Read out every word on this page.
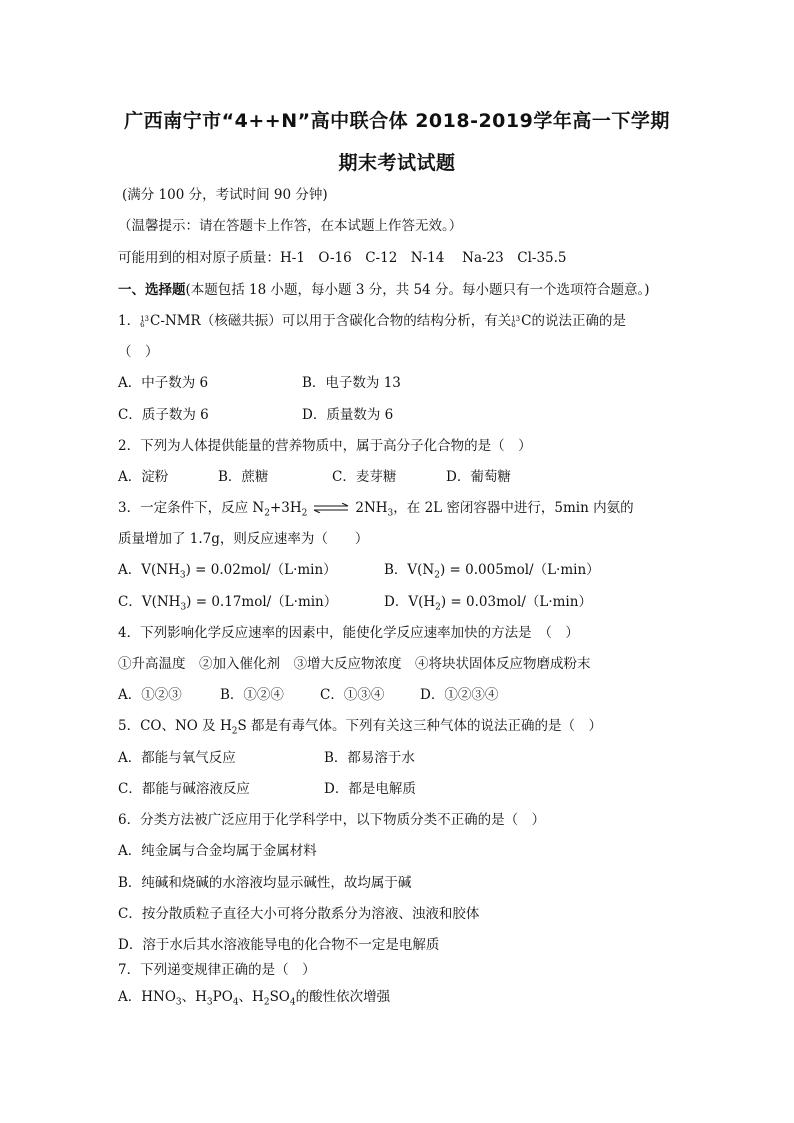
广西南宁市“4++N”高中联合体 2018-2019学年高一下学期
期末考试试题
(满分 100 分，考试时间 90 分钟)
（温馨提示：请在答题卡上作答，在本试题上作答无效。）
可能用到的相对原子质量：H-1　O-16　C-12　N-14　 Na-23　Cl-35.5
一、选择题(本题包括 18 小题，每小题 3 分，共 54 分。每小题只有一个选项符合题意。)
1． 13
6 C-NMR（核磁共振）可以用于含碳化合物的结构分析，有关 13
6 C的说法正确的是
（　）
A．中子数为 6	B．电子数为 13
C．质子数为 6	D．质量数为 6
2．下列为人体提供能量的营养物质中，属于高分子化合物的是（　）
A．淀粉	B．蔗糖	C．麦芽糖	D．葡萄糖
3．一定条件下，反应 $N_2+3H_2$ ⇌ $2NH_3$，在 2L 密闭容器中进行，5min 内氨的
质量增加了 1.7g，则反应速率为（　　）
A．$V(NH_3) = 0.02mol/(L\cdot\min)$	B．$V(N_2) = 0.005mol/(L\cdot\min)$
C．$V(NH_3) = 0.17mol/(L\cdot\min)$	D．$V(H_2) = 0.03mol/(L\cdot\min)$
4．下列影响化学反应速率的因素中，能使化学反应速率加快的方法是　（　）
①升高温度　②加入催化剂　③增大反应物浓度　④将块状固体反应物磨成粉末
A．①②③	B．①②④	C．①③④	D．①②③④
5．CO、NO 及 $H_2S$ 都是有毒气体。下列有关这三种气体的说法正确的是（　）
A．都能与氧气反应	B．都易溶于水
C．都能与碱溶液反应	D．都是电解质
6．分类方法被广泛应用于化学科学中，以下物质分类不正确的是（　）
A．纯金属与合金均属于金属材料
B．纯碱和烧碱的水溶液均显示碱性，故均属于碱
C．按分散质粒子直径大小可将分散系分为溶液、浊液和胶体
D．溶于水后其水溶液能导电的化合物不一定是电解质
7．下列递变规律正确的是（　）
A．$HNO_3$、$H_3PO_4$、$H_2SO_4$的酸性依次增强
